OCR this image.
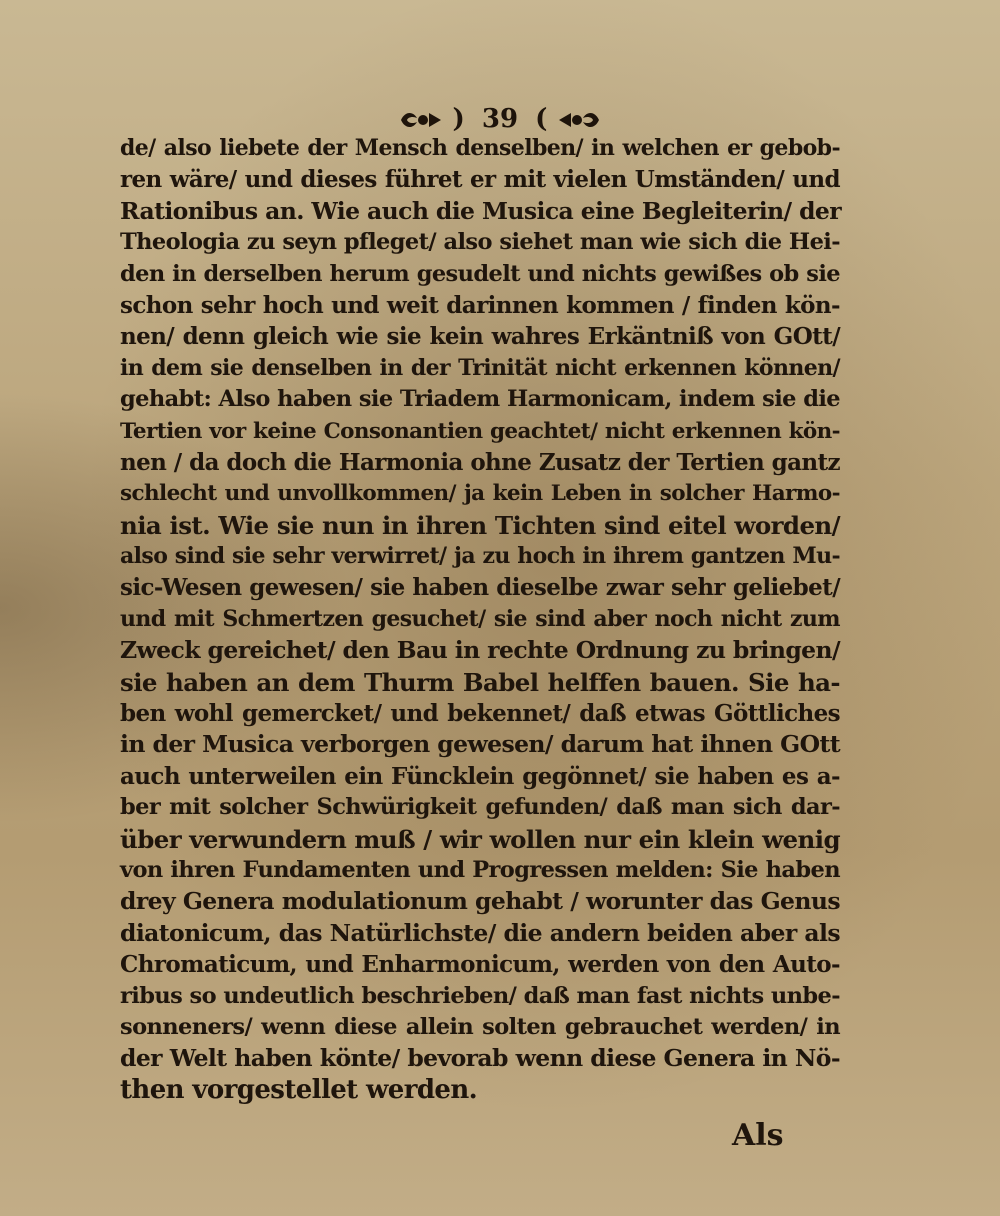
) 39 (
de/ also liebete der Mensch denselben/ in welchen er gebob-
ren wäre/ und dieses führet er mit vielen Umständen/ und
Rationibus an. Wie auch die Musica eine Begleiterin/ der
Theologia zu seyn pfleget/ also siehet man wie sich die Hei-
den in derselben herum gesudelt und nichts gewißes ob sie
schon sehr hoch und weit darinnen kommen / finden kön-
nen/ denn gleich wie sie kein wahres Erkäntniß von GOtt/
in dem sie denselben in der Trinität nicht erkennen können/
gehabt: Also haben sie Triadem Harmonicam, indem sie die
Tertien vor keine Consonantien geachtet/ nicht erkennen kön-
nen / da doch die Harmonia ohne Zusatz der Tertien gantz
schlecht und unvollkommen/ ja kein Leben in solcher Harmo-
nia ist. Wie sie nun in ihren Tichten sind eitel worden/
also sind sie sehr verwirret/ ja zu hoch in ihrem gantzen Mu-
sic-Wesen gewesen/ sie haben dieselbe zwar sehr geliebet/
und mit Schmertzen gesuchet/ sie sind aber noch nicht zum
Zweck gereichet/ den Bau in rechte Ordnung zu bringen/
sie haben an dem Thurm Babel helffen bauen. Sie ha-
ben wohl gemercket/ und bekennet/ daß etwas Göttliches
in der Musica verborgen gewesen/ darum hat ihnen GOtt
auch unterweilen ein Füncklein gegönnet/ sie haben es a-
ber mit solcher Schwürigkeit gefunden/ daß man sich dar-
über verwundern muß / wir wollen nur ein klein wenig
von ihren Fundamenten und Progressen melden: Sie haben
drey Genera modulationum gehabt / worunter das Genus
diatonicum, das Natürlichste/ die andern beiden aber als
Chromaticum, und Enharmonicum, werden von den Auto-
ribus so undeutlich beschrieben/ daß man fast nichts unbe-
sonneners/ wenn diese allein solten gebrauchet werden/ in
der Welt haben könte/ bevorab wenn diese Genera in Nö-
then vorgestellet werden.
Als
